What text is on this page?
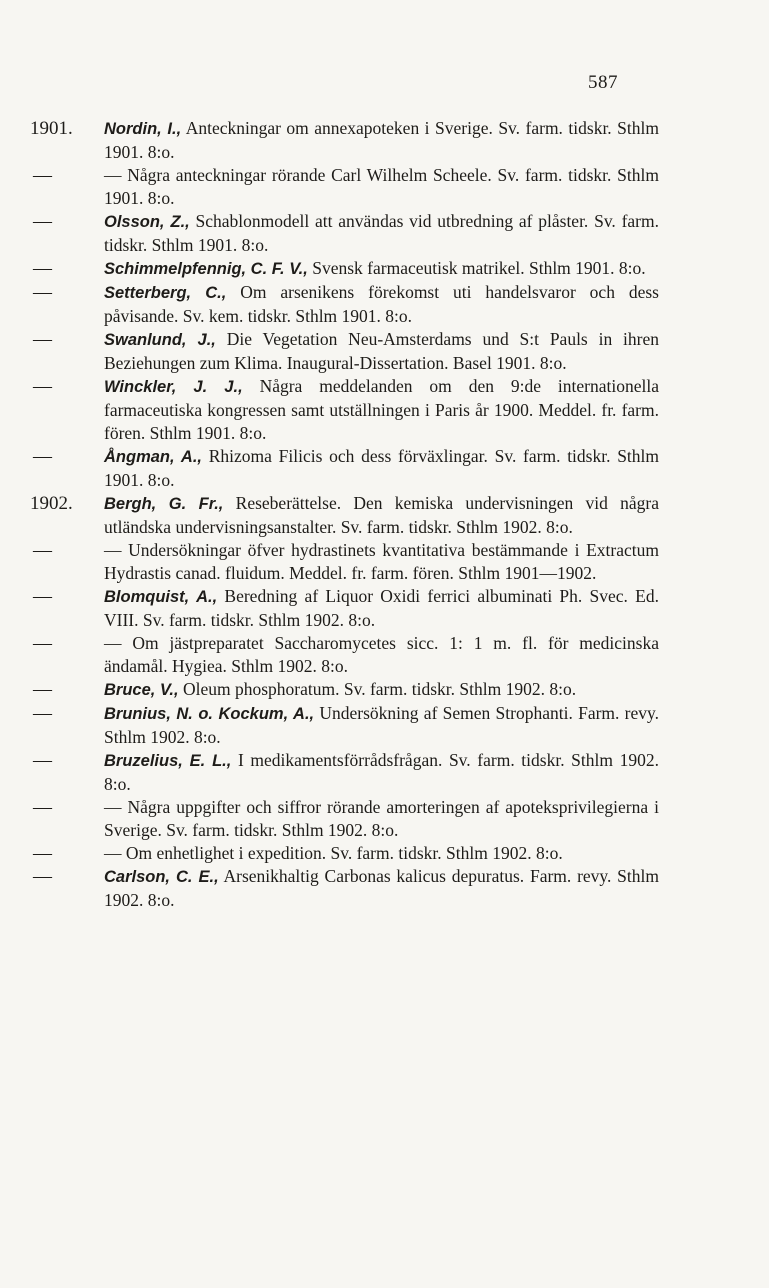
587
1901.	Nordin, I., Anteckningar om annexapoteken i Sverige. Sv. farm. tidskr. Sthlm 1901. 8:o.
—	— Några anteckningar rörande Carl Wilhelm Scheele. Sv. farm. tidskr. Sthlm 1901. 8:o.
—	Olsson, Z., Schablonmodell att användas vid utbredning af plåster. Sv. farm. tidskr. Sthlm 1901. 8:o.
—	Schimmelpfennig, C. F. V., Svensk farmaceutisk matrikel. Sthlm 1901. 8:o.
—	Setterberg, C., Om arsenikens förekomst uti handelsvaror och dess påvisande. Sv. kem. tidskr. Sthlm 1901. 8:o.
—	Swanlund, J., Die Vegetation Neu-Amsterdams und S:t Pauls in ihren Beziehungen zum Klima. Inaugural-Dissertation. Basel 1901. 8:o.
—	Winckler, J. J., Några meddelanden om den 9:de internationella farmaceutiska kongressen samt utställningen i Paris år 1900. Meddel. fr. farm. fören. Sthlm 1901. 8:o.
—	Ångman, A., Rhizoma Filicis och dess förväxlingar. Sv. farm. tidskr. Sthlm 1901. 8:o.
1902.	Bergh, G. Fr., Reseberättelse. Den kemiska undervisningen vid några utländska undervisningsanstalter. Sv. farm. tidskr. Sthlm 1902. 8:o.
—	— Undersökningar öfver hydrastinets kvantitativa bestämmande i Extractum Hydrastis canad. fluidum. Meddel. fr. farm. fören. Sthlm 1901—1902.
—	Blomquist, A., Beredning af Liquor Oxidi ferrici albuminati Ph. Svec. Ed. VIII. Sv. farm. tidskr. Sthlm 1902. 8:o.
—	— Om jästpreparatet Saccharomycetes sicc. 1: 1 m. fl. för medicinska ändamål. Hygiea. Sthlm 1902. 8:o.
—	Bruce, V., Oleum phosphoratum. Sv. farm. tidskr. Sthlm 1902. 8:o.
—	Brunius, N. o. Kockum, A., Undersökning af Semen Strophanti. Farm. revy. Sthlm 1902. 8:o.
—	Bruzelius, E. L., I medikamentsförrådsfrågan. Sv. farm. tidskr. Sthlm 1902. 8:o.
—	— Några uppgifter och siffror rörande amorteringen af apoteksprivilegierna i Sverige. Sv. farm. tidskr. Sthlm 1902. 8:o.
—	— Om enhetlighet i expedition. Sv. farm. tidskr. Sthlm 1902. 8:o.
—	Carlson, C. E., Arsenikhaltig Carbonas kalicus depuratus. Farm. revy. Sthlm 1902. 8:o.
